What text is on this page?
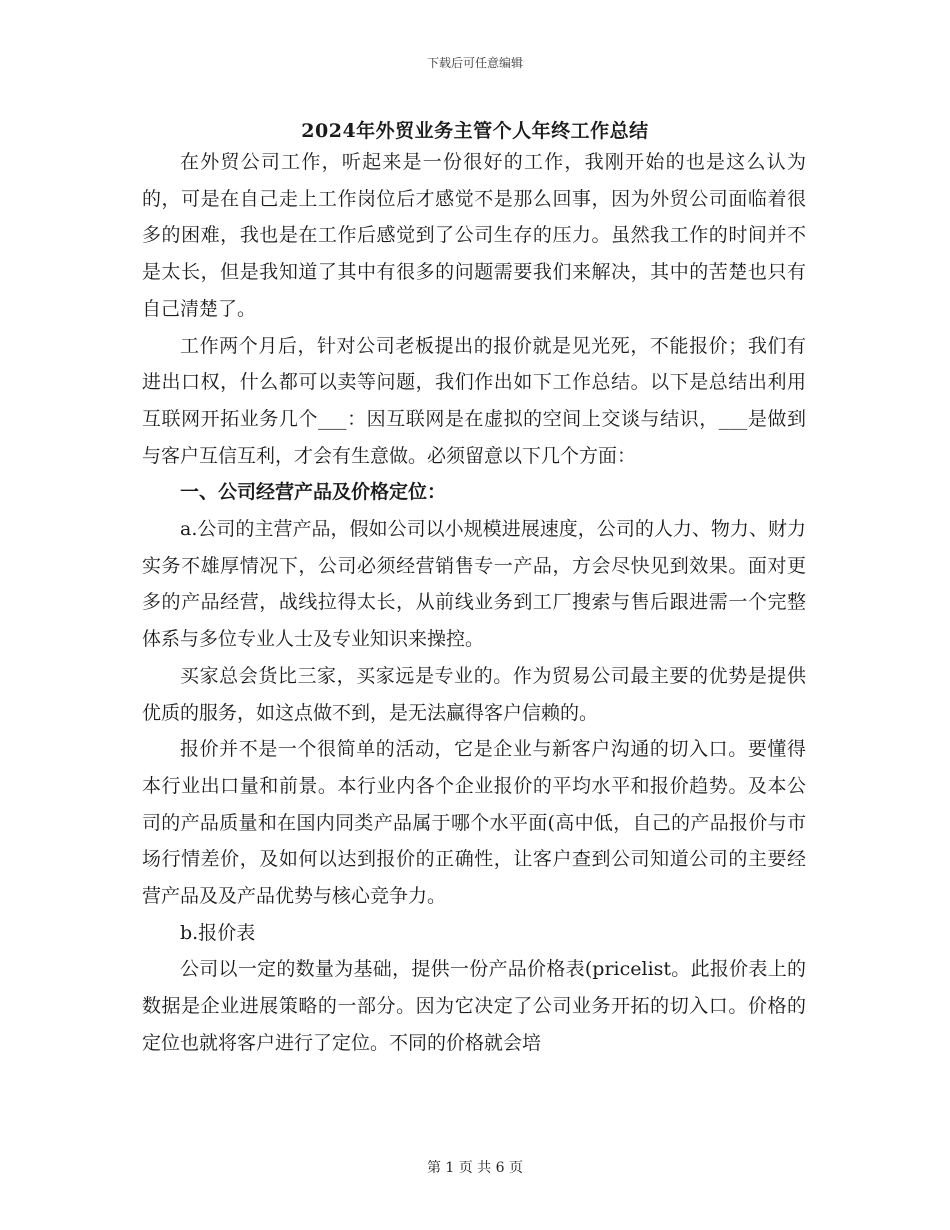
下载后可任意编辑
2024年外贸业务主管个人年终工作总结

在外贸公司工作，听起来是一份很好的工作，我刚开始的也是这么认为的，可是在自己走上工作岗位后才感觉不是那么回事，因为外贸公司面临着很多的困难，我也是在工作后感觉到了公司生存的压力。虽然我工作的时间并不是太长，但是我知道了其中有很多的问题需要我们来解决，其中的苦楚也只有自己清楚了。

工作两个月后，针对公司老板提出的报价就是见光死，不能报价；我们有进出口权，什么都可以卖等问题，我们作出如下工作总结。以下是总结出利用互联网开拓业务几个___：因互联网是在虚拟的空间上交谈与结识，___是做到与客户互信互利，才会有生意做。必须留意以下几个方面：

一、公司经营产品及价格定位：

a.公司的主营产品，假如公司以小规模进展速度，公司的人力、物力、财力实务不雄厚情况下，公司必须经营销售专一产品，方会尽快见到效果。面对更多的产品经营，战线拉得太长，从前线业务到工厂搜索与售后跟进需一个完整体系与多位专业人士及专业知识来操控。

买家总会货比三家，买家远是专业的。作为贸易公司最主要的优势是提供优质的服务，如这点做不到，是无法赢得客户信赖的。

报价并不是一个很简单的活动，它是企业与新客户沟通的切入口。要懂得本行业出口量和前景。本行业内各个企业报价的平均水平和报价趋势。及本公司的产品质量和在国内同类产品属于哪个水平面(高中低，自己的产品报价与市场行情差价，及如何以达到报价的正确性，让客户查到公司知道公司的主要经营产品及及产品优势与核心竞争力。

b.报价表

公司以一定的数量为基础，提供一份产品价格表(pricelist。此报价表上的数据是企业进展策略的一部分。因为它决定了公司业务开拓的切入口。价格的定位也就将客户进行了定位。不同的价格就会培

第 1 页 共 6 页
